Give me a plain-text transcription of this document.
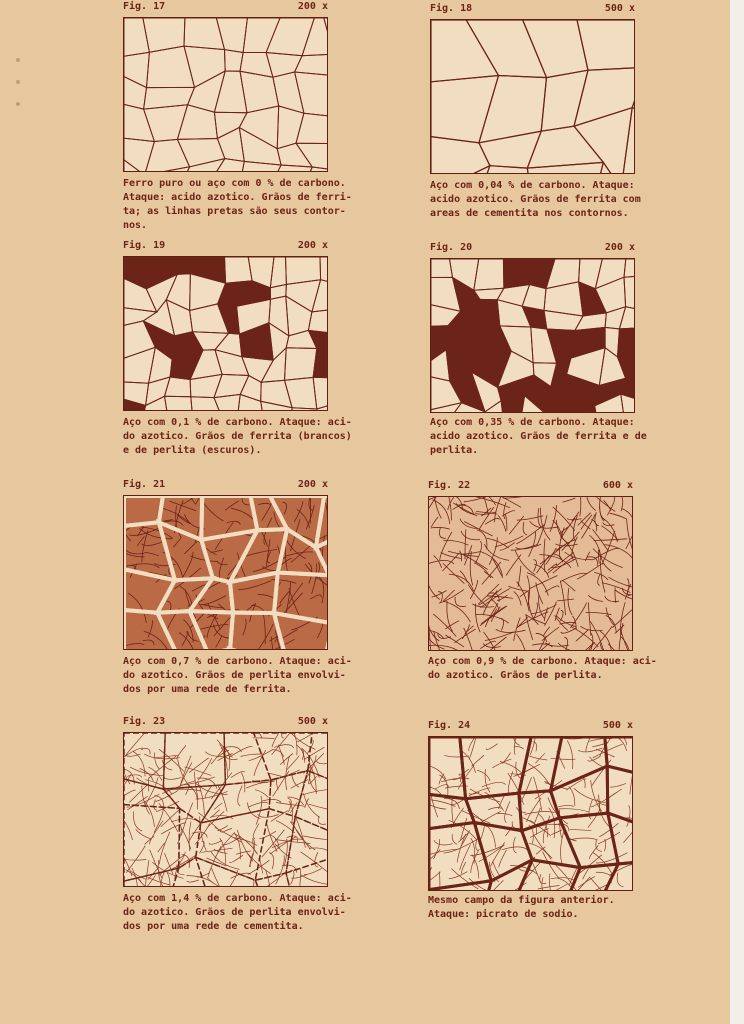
Fig. 17	200 x
Ferro puro ou aço com 0 % de carbono.
Ataque: acido azotico. Grãos de ferri-
ta; as linhas pretas são seus contor-
nos.
Fig. 18	500 x
Aço com 0,04 % de carbono. Ataque:
acido azotico. Grãos de ferrita com
areas de cementita nos contornos.
Fig. 19	200 x
Aço com 0,1 % de carbono. Ataque: aci-
do azotico. Grãos de ferrita (brancos)
e de perlita (escuros).
Fig. 20	200 x
Aço com 0,35 % de carbono. Ataque:
acido azotico. Grãos de ferrita e de
perlita.
Fig. 21	200 x
Aço com 0,7 % de carbono. Ataque: aci-
do azotico. Grãos de perlita envolvi-
dos por uma rede de ferrita.
Fig. 22	600 x
Aço com 0,9 % de carbono. Ataque: aci-
do azotico. Grãos de perlita.
Fig. 23	500 x
Aço com 1,4 % de carbono. Ataque: aci-
do azotico. Grãos de perlita envolvi-
dos por uma rede de cementita.
Fig. 24	500 x
Mesmo campo da figura anterior.
Ataque: picrato de sodio.
